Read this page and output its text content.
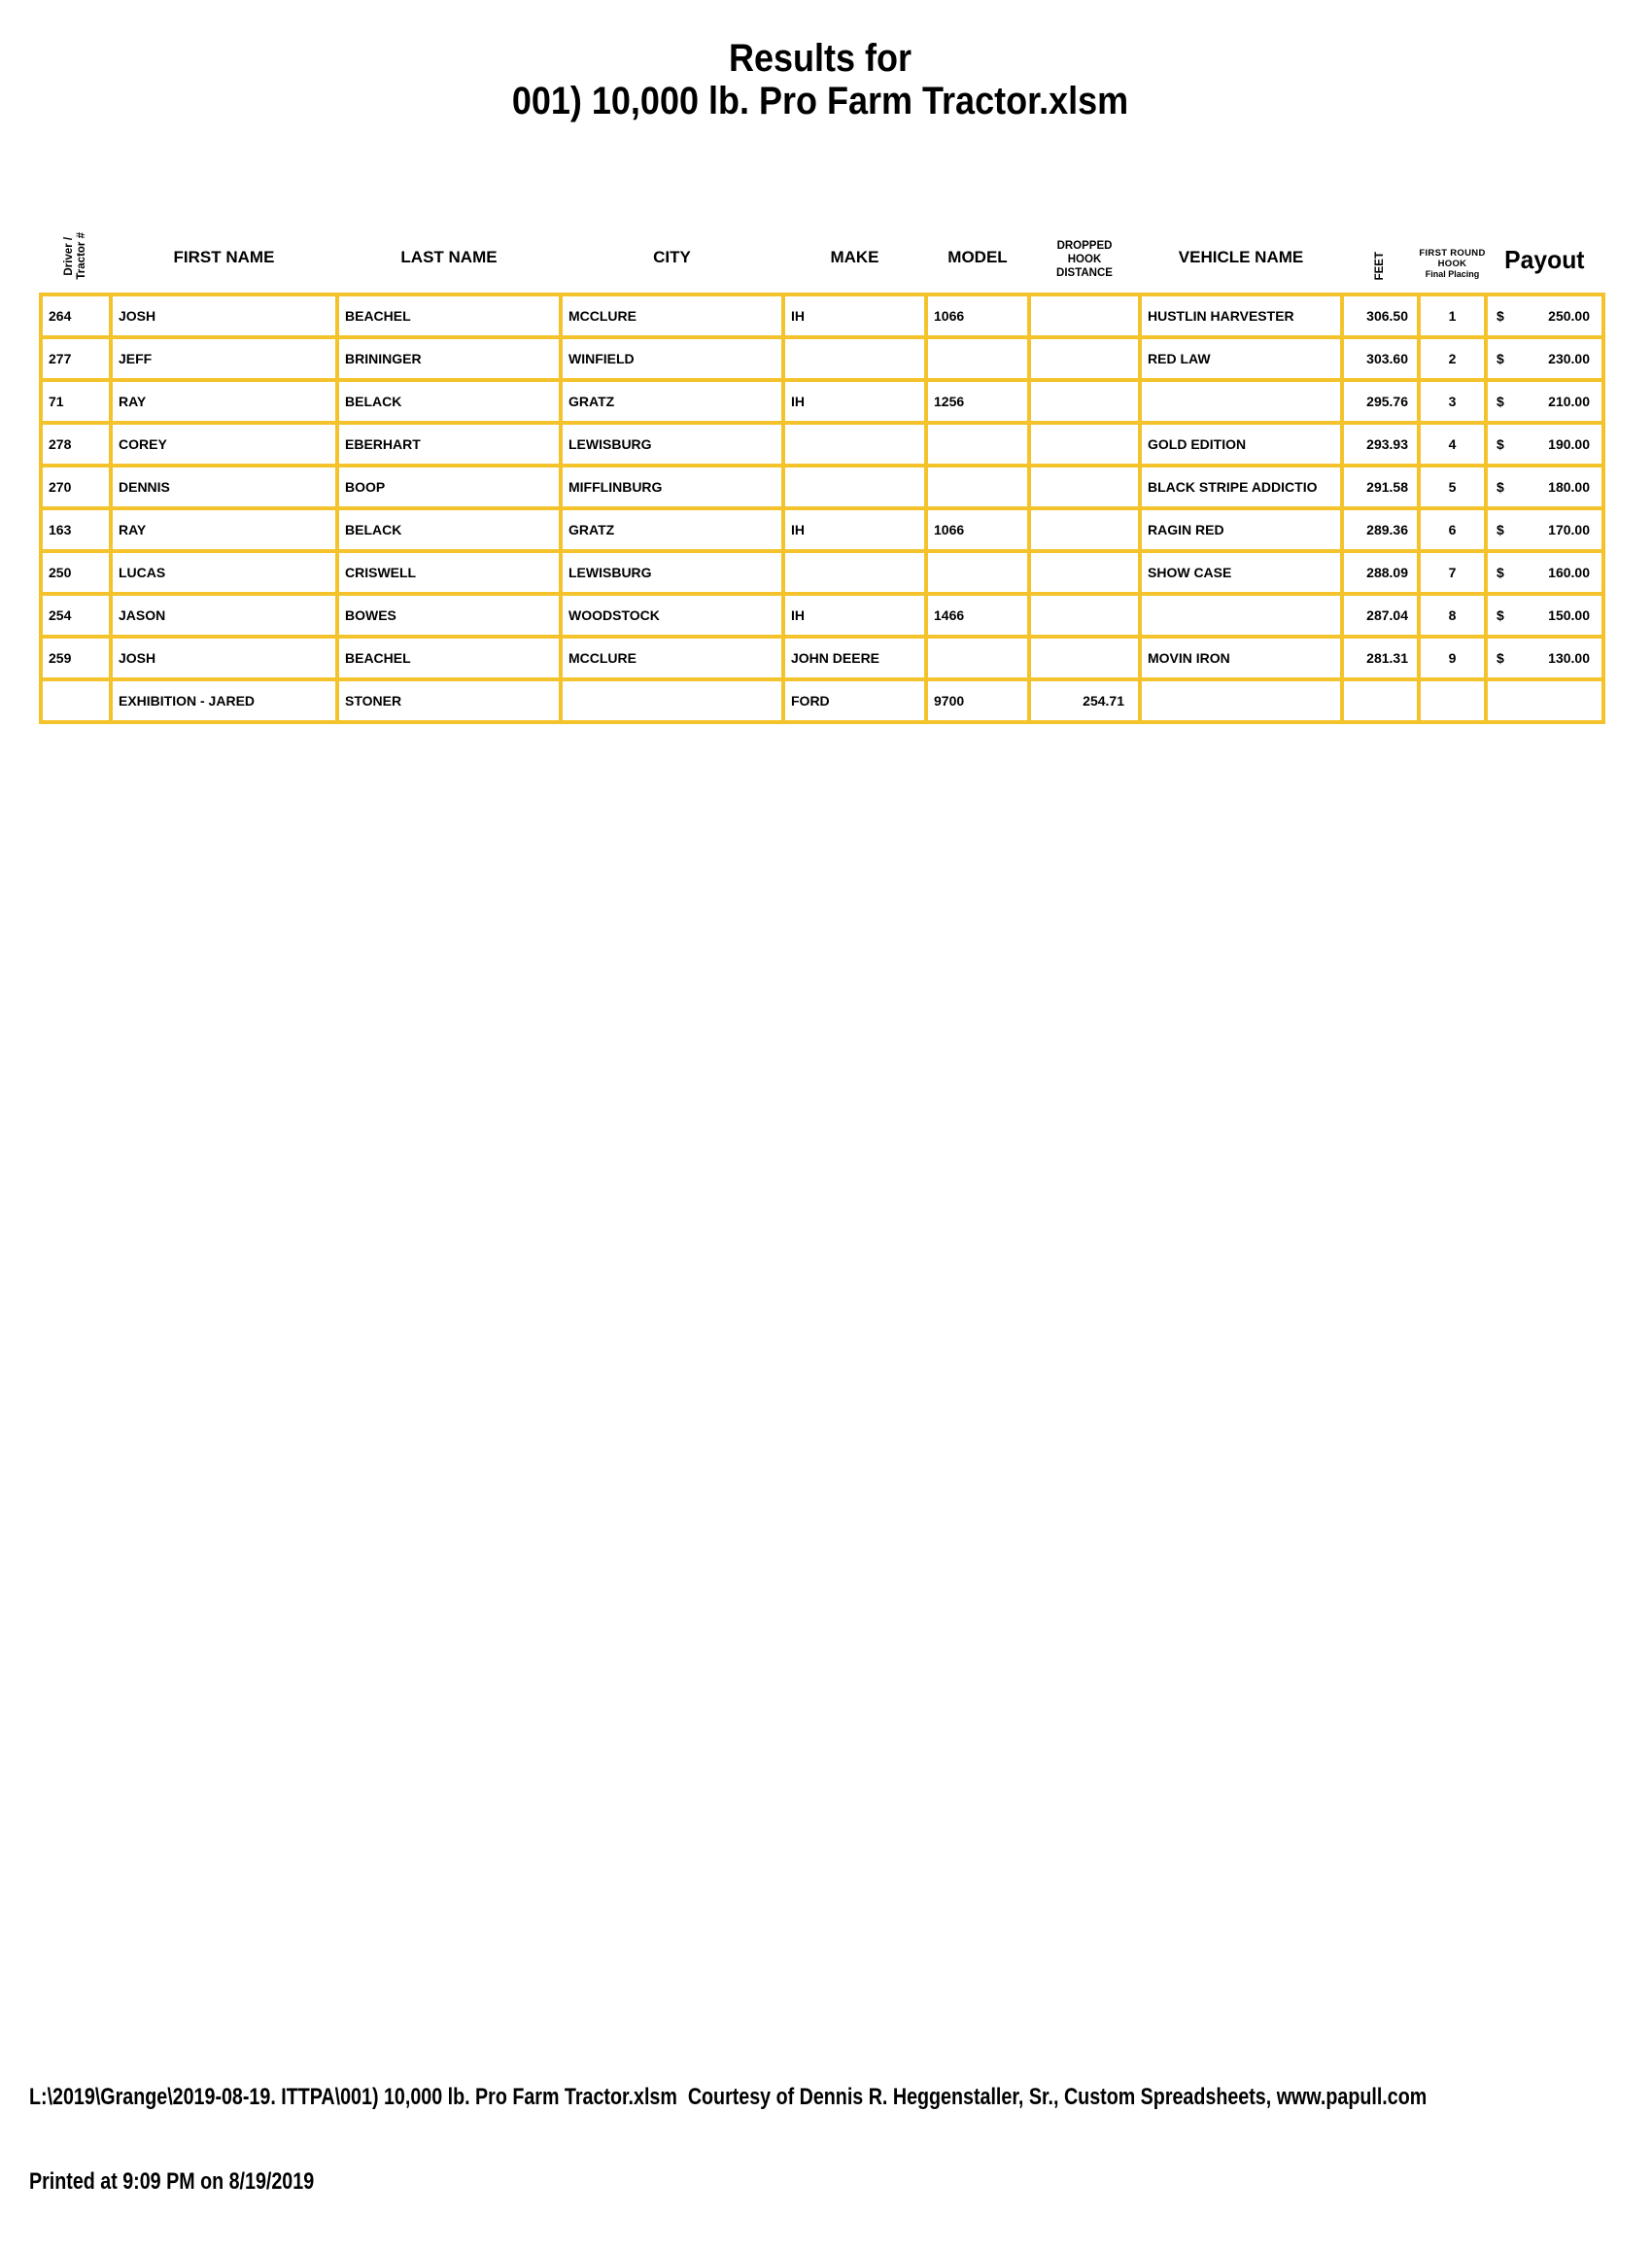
Results for
001) 10,000 lb. Pro Farm Tractor.xlsm
Driver / Tractor #	FIRST NAME	LAST NAME	CITY	MAKE	MODEL	
DROPPED
HOOK
DISTANCE
	VEHICLE NAME	FEET	FIRST ROUND
HOOK
Final Placing	Payout
264	JOSH	BEACHEL	MCCLURE	IH	1066		HUSTLIN HARVESTER	306.50	1	$ 250.00

277	JEFF	BRININGER	WINFIELD				RED LAW	303.60	2	$ 230.00

71	RAY	BELACK	GRATZ	IH	1256			295.76	3	$ 210.00

278	COREY	EBERHART	LEWISBURG				GOLD EDITION	293.93	4	$ 190.00

270	DENNIS	BOOP	MIFFLINBURG				BLACK STRIPE ADDICTIO	291.58	5	$ 180.00

163	RAY	BELACK	GRATZ	IH	1066		RAGIN RED	289.36	6	$ 170.00

250	LUCAS	CRISWELL	LEWISBURG				SHOW CASE	288.09	7	$ 160.00

254	JASON	BOWES	WOODSTOCK	IH	1466			287.04	8	$ 150.00

259	JOSH	BEACHEL	MCCLURE	JOHN DEERE			MOVIN IRON	281.31	9	$ 130.00

	EXHIBITION - JARED	STONER		FORD	9700	254.71				

L:\2019\Grange\2019-08-19. ITTPA\001) 10,000 lb. Pro Farm Tractor.xlsm  Courtesy of Dennis R. Heggenstaller, Sr., Custom Spreadsheets, www.papull.com

Printed at 9:09 PM on 8/19/2019
